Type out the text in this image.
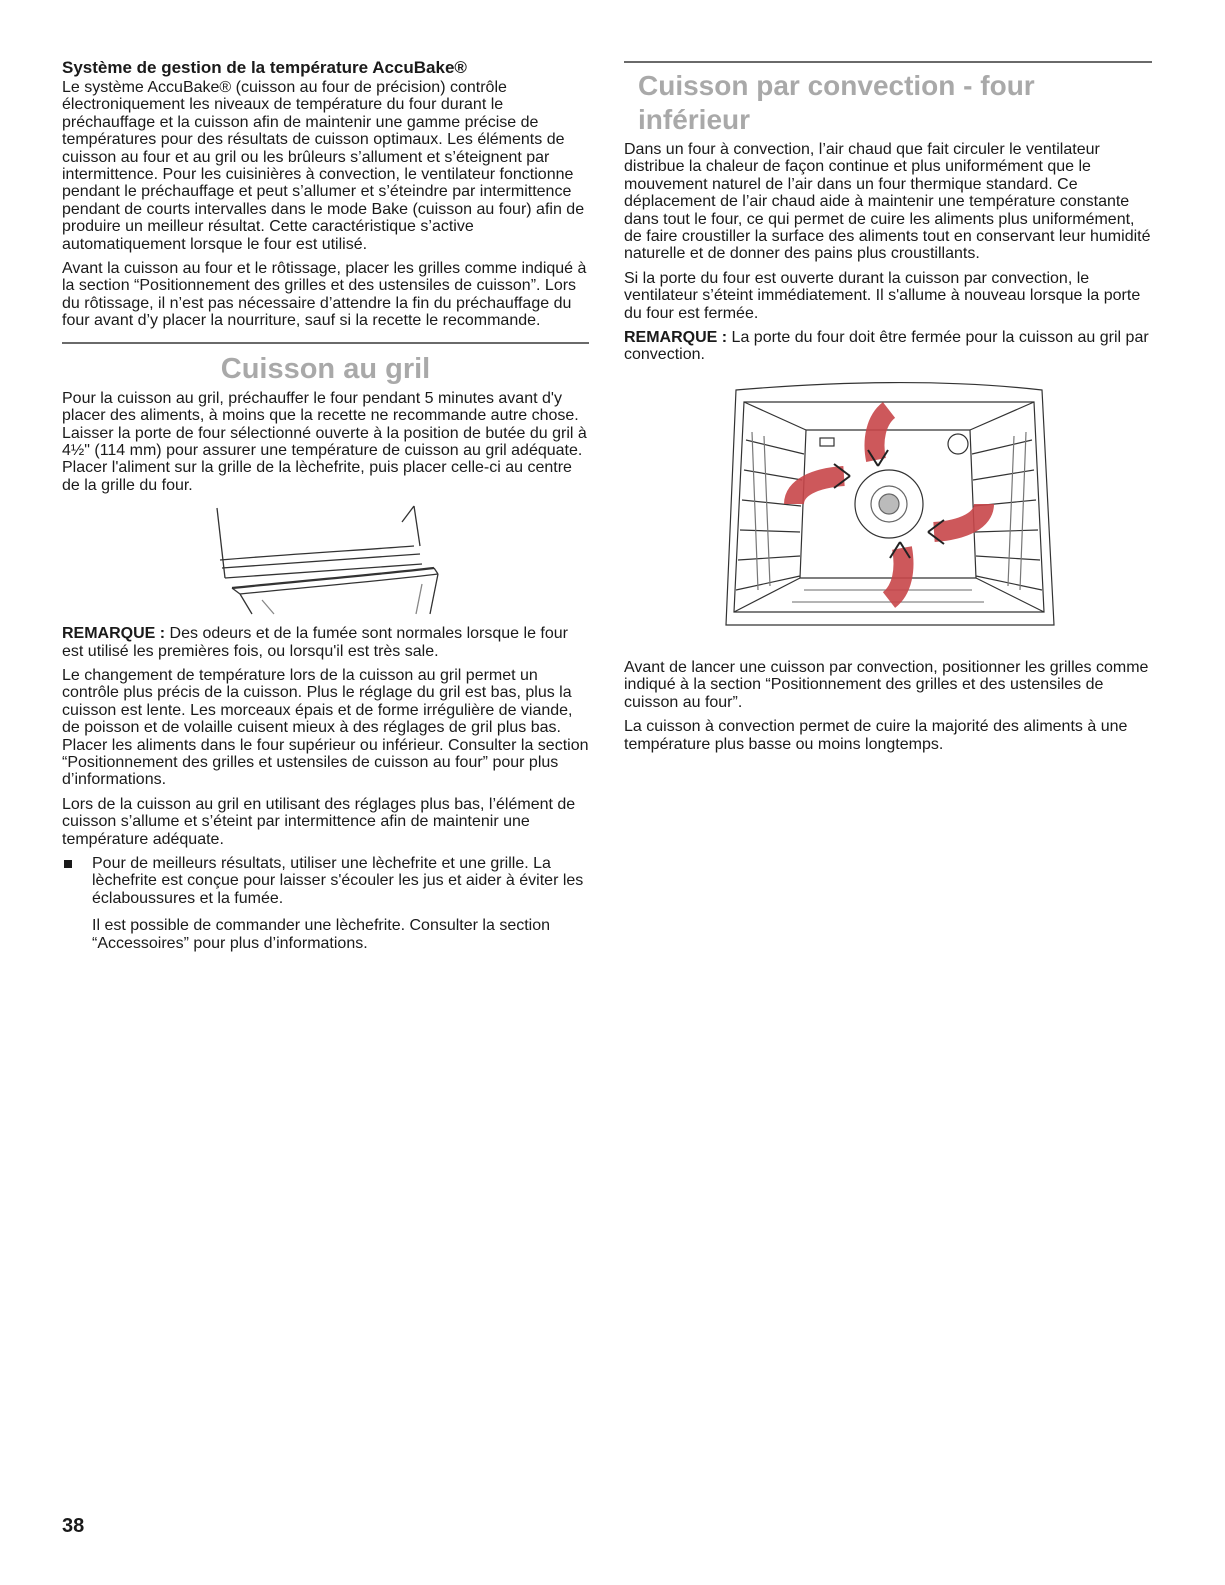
Système de gestion de la température AccuBake®

Le système AccuBake® (cuisson au four de précision) contrôle électroniquement les niveaux de température du four durant le préchauffage et la cuisson afin de maintenir une gamme précise de températures pour des résultats de cuisson optimaux. Les éléments de cuisson au four et au gril ou les brûleurs s’allument et s’éteignent par intermittence. Pour les cuisinières à convection, le ventilateur fonctionne pendant le préchauffage et peut s’allumer et s’éteindre par intermittence pendant de courts intervalles dans le mode Bake (cuisson au four) afin de produire un meilleur résultat. Cette caractéristique s’active automatiquement lorsque le four est utilisé.

Avant la cuisson au four et le rôtissage, placer les grilles comme indiqué à la section “Positionnement des grilles et des ustensiles de cuisson”. Lors du rôtissage, il n’est pas nécessaire d’attendre la fin du préchauffage du four avant d’y placer la nourriture, sauf si la recette le recommande.

Cuisson au gril

Pour la cuisson au gril, préchauffer le four pendant 5 minutes avant d'y placer des aliments, à moins que la recette ne recommande autre chose. Laisser la porte de four sélectionné ouverte à la position de butée du gril à 4½" (114 mm) pour assurer une température de cuisson au gril adéquate. Placer l'aliment sur la grille de la lèchefrite, puis placer celle-ci au centre de la grille du four.

REMARQUE : Des odeurs et de la fumée sont normales lorsque le four est utilisé les premières fois, ou lorsqu'il est très sale.

Le changement de température lors de la cuisson au gril permet un contrôle plus précis de la cuisson. Plus le réglage du gril est bas, plus la cuisson est lente. Les morceaux épais et de forme irrégulière de viande, de poisson et de volaille cuisent mieux à des réglages de gril plus bas. Placer les aliments dans le four supérieur ou inférieur. Consulter la section “Positionnement des grilles et ustensiles de cuisson au four” pour plus d’informations.

Lors de la cuisson au gril en utilisant des réglages plus bas, l’élément de cuisson s’allume et s’éteint par intermittence afin de maintenir une température adéquate.

Pour de meilleurs résultats, utiliser une lèchefrite et une grille. La lèchefrite est conçue pour laisser s'écouler les jus et aider à éviter les éclaboussures et la fumée.

Il est possible de commander une lèchefrite. Consulter la section “Accessoires” pour plus d’informations.

Cuisson par convection - four inférieur

Dans un four à convection, l’air chaud que fait circuler le ventilateur distribue la chaleur de façon continue et plus uniformément que le mouvement naturel de l’air dans un four thermique standard. Ce déplacement de l’air chaud aide à maintenir une température constante dans tout le four, ce qui permet de cuire les aliments plus uniformément, de faire croustiller la surface des aliments tout en conservant leur humidité naturelle et de donner des pains plus croustillants.

Si la porte du four est ouverte durant la cuisson par convection, le ventilateur s’éteint immédiatement. Il s'allume à nouveau lorsque la porte du four est fermée.

REMARQUE : La porte du four doit être fermée pour la cuisson au gril par convection.

Avant de lancer une cuisson par convection, positionner les grilles comme indiqué à la section “Positionnement des grilles et des ustensiles de cuisson au four”.

La cuisson à convection permet de cuire la majorité des aliments à une température plus basse ou moins longtemps.

38
